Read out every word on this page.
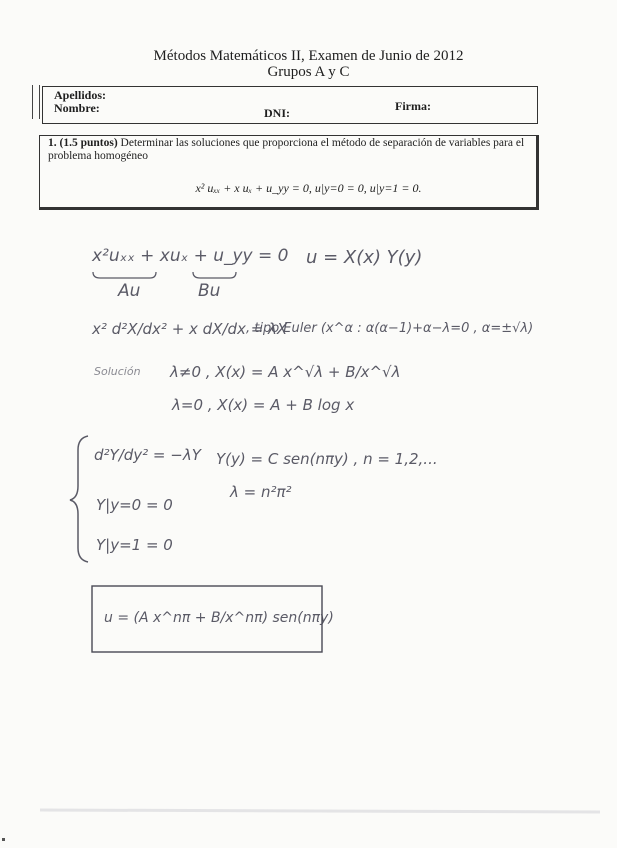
Métodos Matemáticos II, Examen de Junio de 2012
Grupos A y C
Apellidos:
Nombre:	DNI:	Firma:
1. (1.5 puntos) Determinar las soluciones que proporciona el método de separación de variables para el problema homogéneo
x² uₓₓ + x uₓ + u_yy = 0, u|y=0 = 0, u|y=1 = 0.
x²uₓₓ + xuₓ + u_yy = 0 u = X(x) Y(y)
Au	Bu
x² d²X/dx² + x dX/dx = λX
, tipo Euler (x^α : α(α−1)+α−λ=0 , α=±√λ)
Solución λ≠0 , X(x) = A x^√λ + B/x^√λ
λ=0 , X(x) = A + B log x
d²Y/dy² = −λY Y(y) = C sen(nπy) , n = 1,2,...
λ = n²π²
Y|y=0 = 0
Y|y=1 = 0
u = (A x^nπ + B/x^nπ) sen(nπy)
